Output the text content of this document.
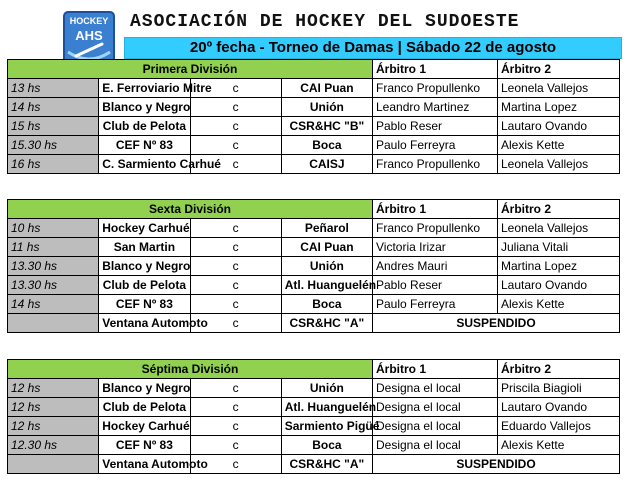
HOCKEY
AHS
ASOCIACIÓN DE HOCKEY DEL SUDOESTE
20º fecha - Torneo de Damas | Sábado 22 de agosto
Primera División				Árbitro 1	Árbitro 2
13 hs	E. Ferroviario Mitre	c	CAI Puan	Franco Propullenko	Leonela Vallejos
14 hs	Blanco y Negro	c	Unión	Leandro Martinez	Martina Lopez
15 hs	Club de Pelota	c	CSR&HC "B"	Pablo Reser	Lautaro Ovando
15.30 hs	CEF Nº 83	c	Boca	Paulo Ferreyra	Alexis Kette
16 hs	C. Sarmiento Carhué	c	CAISJ	Franco Propullenko	Leonela Vallejos
Sexta División				Árbitro 1	Árbitro 2
10 hs	Hockey Carhué	c	Peñarol	Franco Propullenko	Leonela Vallejos
11 hs	San Martin	c	CAI Puan	Victoria Irizar	Juliana Vitali
13.30 hs	Blanco y Negro	c	Unión	Andres Mauri	Martina Lopez
13.30 hs	Club de Pelota	c	Atl. Huanguelén	Pablo Reser	Lautaro Ovando
14 hs	CEF Nº 83	c	Boca	Paulo Ferreyra	Alexis Kette
	Ventana Automoto	c	CSR&HC "A"	SUSPENDIDO	
Séptima División				Árbitro 1	Árbitro 2
12 hs	Blanco y Negro	c	Unión	Designa el local	Priscila Biagioli
12 hs	Club de Pelota	c	Atl. Huanguelén	Designa el local	Lautaro Ovando
12 hs	Hockey Carhué	c	Sarmiento Pigüé	Designa el local	Eduardo Vallejos
12.30 hs	CEF Nº 83	c	Boca	Designa el local	Alexis Kette
	Ventana Automoto	c	CSR&HC "A"	SUSPENDIDO	
